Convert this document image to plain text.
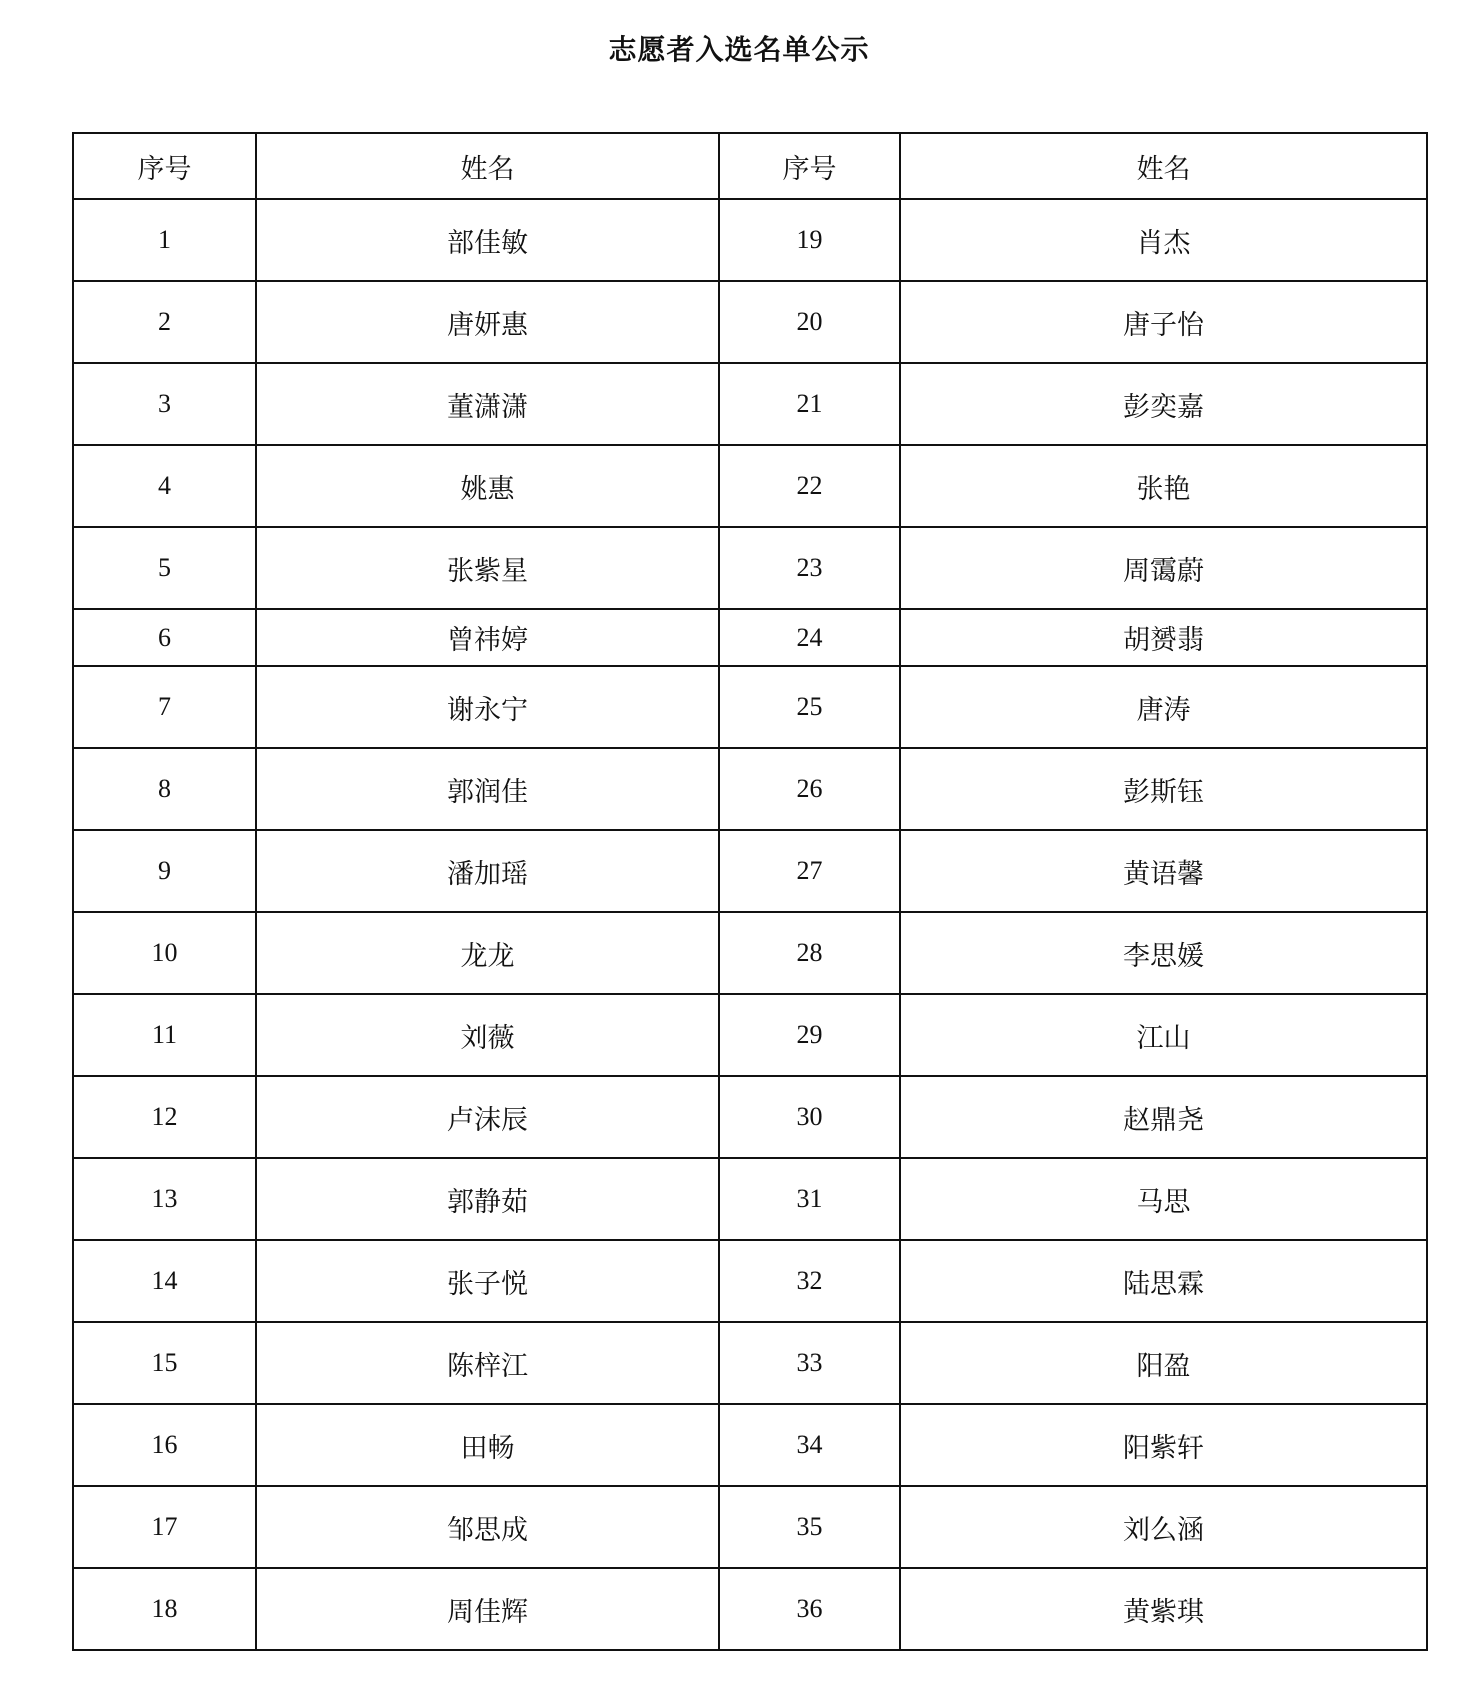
志愿者入选名单公示
序号	姓名	序号	姓名
1	部佳敏	19	肖杰
2	唐妍惠	20	唐子怡
3	董潇潇	21	彭奕嘉
4	姚惠	22	张艳
5	张紫星	23	周霭蔚
6	曾祎婷	24	胡赟翡
7	谢永宁	25	唐涛
8	郭润佳	26	彭斯钰
9	潘加瑶	27	黄语馨
10	龙龙	28	李思媛
11	刘薇	29	江山
12	卢沫辰	30	赵鼎尧
13	郭静茹	31	马思
14	张子悦	32	陆思霖
15	陈梓江	33	阳盈
16	田畅	34	阳紫轩
17	邹思成	35	刘么涵
18	周佳辉	36	黄紫琪
